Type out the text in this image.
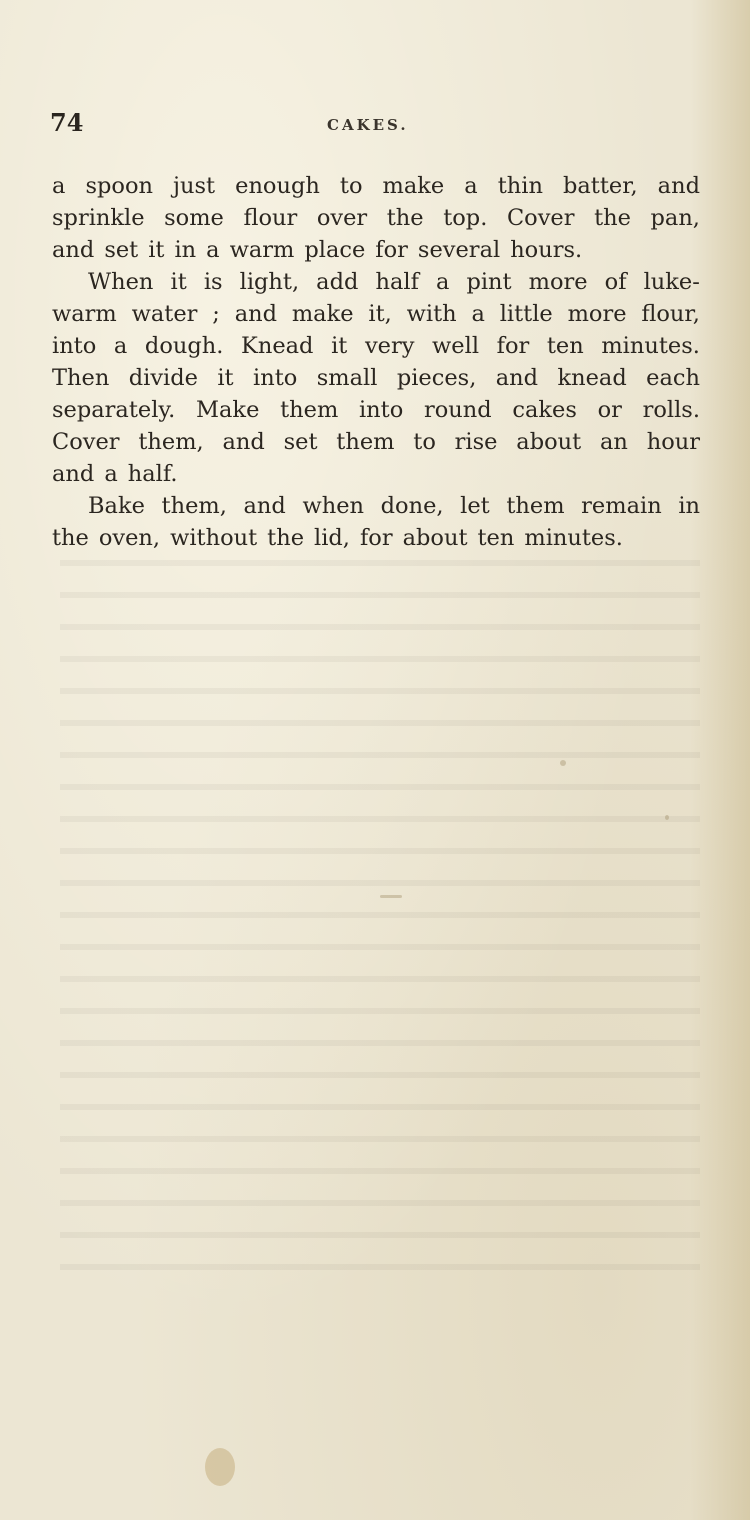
74	CAKES.
a spoon just enough to make a thin batter, and
sprinkle some flour over the top. Cover the pan,
and set it in a warm place for several hours.
When it is light, add half a pint more of luke-
warm water ; and make it, with a little more flour,
into a dough. Knead it very well for ten minutes.
Then divide it into small pieces, and knead each
separately. Make them into round cakes or rolls.
Cover them, and set them to rise about an hour
and a half.
Bake them, and when done, let them remain in
the oven, without the lid, for about ten minutes.
